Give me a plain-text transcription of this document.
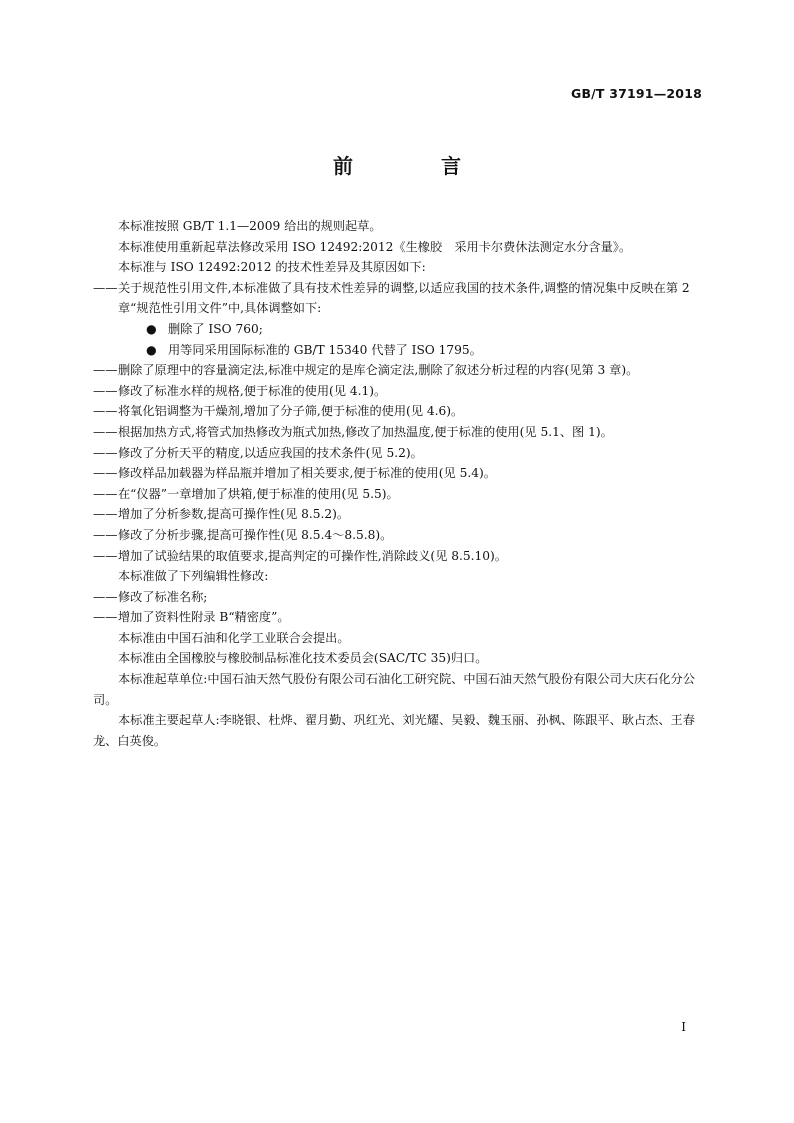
GB/T 37191—2018
前　言
本标准按照 GB/T 1.1—2009 给出的规则起草。
本标准使用重新起草法修改采用 ISO 12492:2012《生橡胶　采用卡尔费休法测定水分含量》。
本标准与 ISO 12492:2012 的技术性差异及其原因如下:
——关于规范性引用文件,本标准做了具有技术性差异的调整,以适应我国的技术条件,调整的情况集中反映在第 2 章“规范性引用文件”中,具体调整如下:
● 删除了 ISO 760;
● 用等同采用国际标准的 GB/T 15340 代替了 ISO 1795。
——删除了原理中的容量滴定法,标准中规定的是库仑滴定法,删除了叙述分析过程的内容(见第 3 章)。
——修改了标准水样的规格,便于标准的使用(见 4.1)。
——将氧化铝调整为干燥剂,增加了分子筛,便于标准的使用(见 4.6)。
——根据加热方式,将管式加热修改为瓶式加热,修改了加热温度,便于标准的使用(见 5.1、图 1)。
——修改了分析天平的精度,以适应我国的技术条件(见 5.2)。
——修改样品加载器为样品瓶并增加了相关要求,便于标准的使用(见 5.4)。
——在“仪器”一章增加了烘箱,便于标准的使用(见 5.5)。
——增加了分析参数,提高可操作性(见 8.5.2)。
——修改了分析步骤,提高可操作性(见 8.5.4～8.5.8)。
——增加了试验结果的取值要求,提高判定的可操作性,消除歧义(见 8.5.10)。
本标准做了下列编辑性修改:
——修改了标准名称;
——增加了资料性附录 B“精密度”。
本标准由中国石油和化学工业联合会提出。
本标准由全国橡胶与橡胶制品标准化技术委员会(SAC/TC 35)归口。
本标准起草单位:中国石油天然气股份有限公司石油化工研究院、中国石油天然气股份有限公司大庆石化分公司。
本标准主要起草人:李晓银、杜烨、翟月勤、巩红光、刘光耀、吴毅、魏玉丽、孙枫、陈跟平、耿占杰、王春龙、白英俊。
I
